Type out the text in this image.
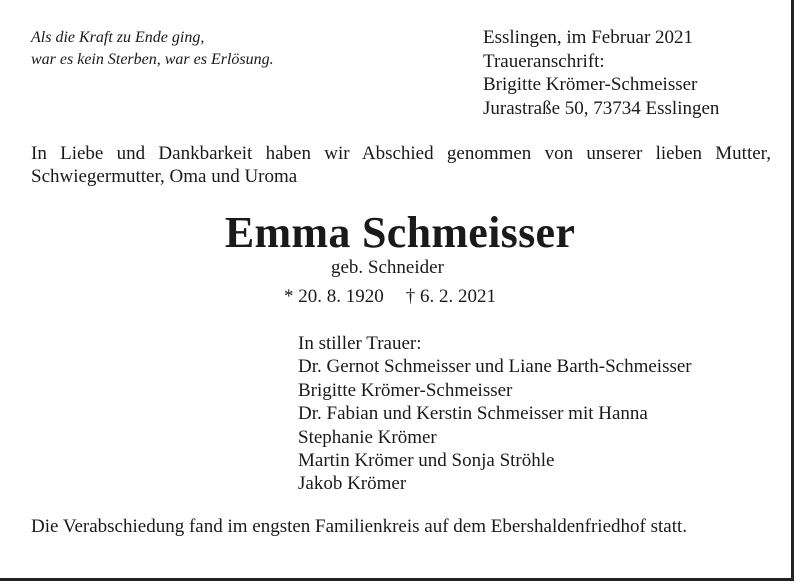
Als die Kraft zu Ende ging,
war es kein Sterben, war es Erlösung.
Esslingen, im Februar 2021
Traueranschrift:
Brigitte Krömer-Schmeisser
Jurastraße 50, 73734 Esslingen
In Liebe und Dankbarkeit haben wir Abschied genommen von unserer lieben Mutter, Schwiegermutter, Oma und Uroma
Emma Schmeisser
geb. Schneider
* 20. 8. 1920 † 6. 2. 2021
In stiller Trauer:
Dr. Gernot Schmeisser und Liane Barth-Schmeisser
Brigitte Krömer-Schmeisser
Dr. Fabian und Kerstin Schmeisser mit Hanna
Stephanie Krömer
Martin Krömer und Sonja Ströhle
Jakob Krömer
Die Verabschiedung fand im engsten Familienkreis auf dem Ebershaldenfriedhof statt.
